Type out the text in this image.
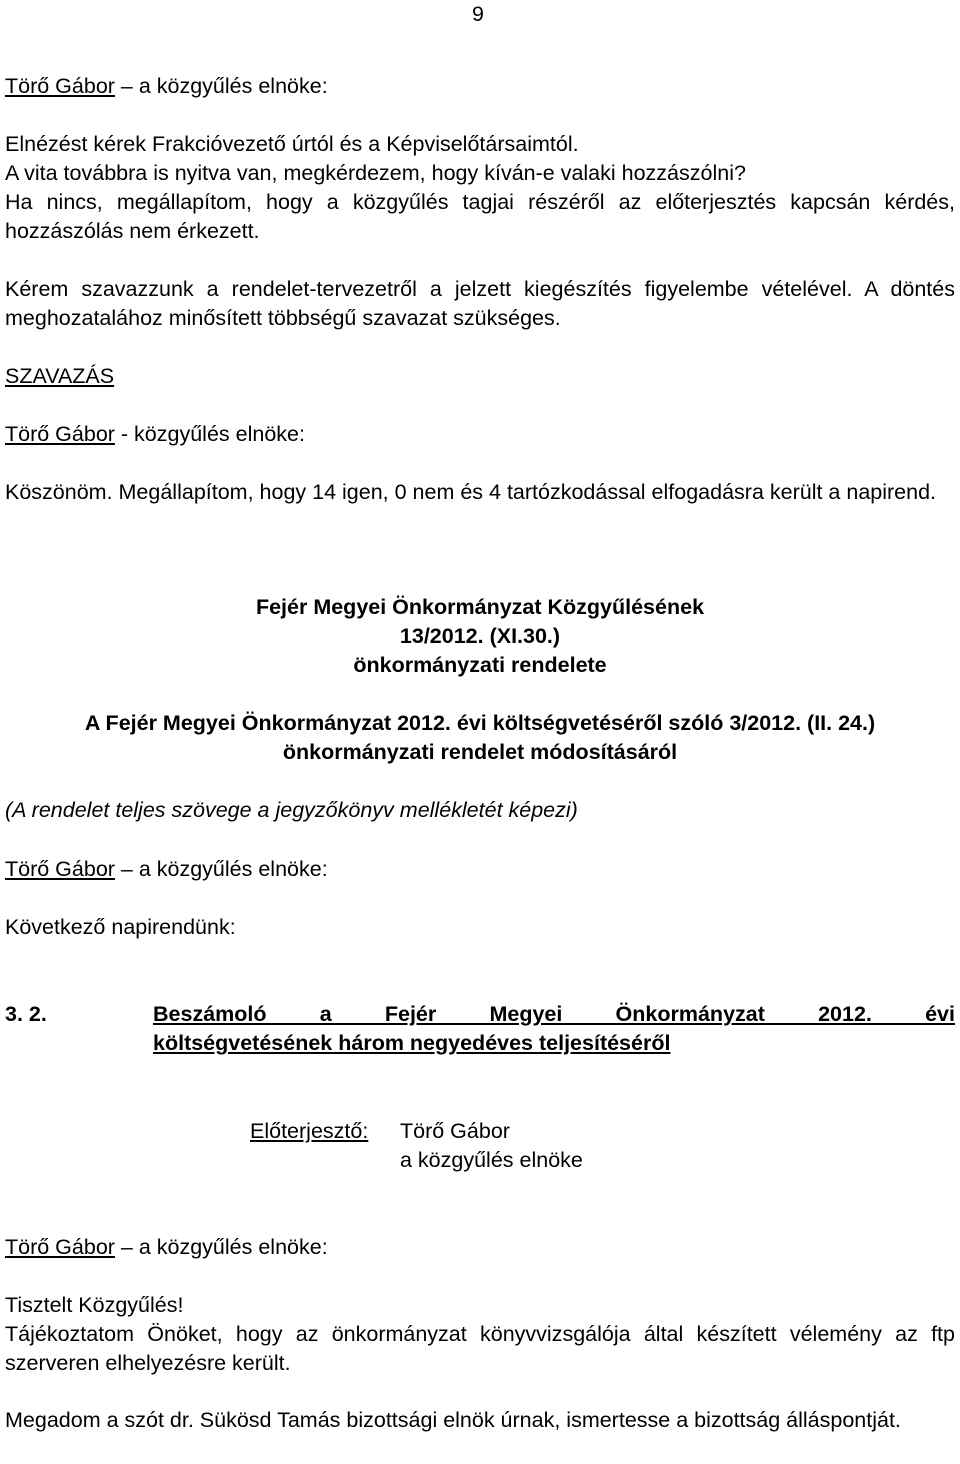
9
Törő Gábor – a közgyűlés elnöke:

Elnézést kérek Frakcióvezető úrtól és a Képviselőtársaimtól.

A vita továbbra is nyitva van, megkérdezem, hogy kíván-e valaki hozzászólni?

Ha nincs, megállapítom, hogy a közgyűlés tagjai részéről az előterjesztés kapcsán kérdés, hozzászólás nem érkezett.

Kérem szavazzunk a rendelet-tervezetről a jelzett kiegészítés figyelembe vételével. A döntés meghozatalához minősített többségű szavazat szükséges.
SZAVAZÁS
Törő Gábor - közgyűlés elnöke:
Köszönöm. Megállapítom, hogy 14 igen, 0 nem és 4 tartózkodással elfogadásra került a napirend.
Fejér Megyei Önkormányzat Közgyűlésének
13/2012. (XI.30.)
önkormányzati rendelete
A Fejér Megyei Önkormányzat 2012. évi költségvetéséről szóló 3/2012. (II. 24.)
önkormányzati rendelet módosításáról
(A rendelet teljes szövege a jegyzőkönyv mellékletét képezi)
Törő Gábor – a közgyűlés elnöke:
Következő napirendünk:
3. 2.	Beszámoló a Fejér Megyei Önkormányzat 2012. évi
költségvetésének három negyedéves teljesítéséről
Előterjesztő: Törő Gábor
a közgyűlés elnöke
Törő Gábor – a közgyűlés elnöke:

Tisztelt Közgyűlés!

Tájékoztatom Önöket, hogy az önkormányzat könyvvizsgálója által készített vélemény az ftp szerveren elhelyezésre került.

Megadom a szót dr. Sükösd Tamás bizottsági elnök úrnak, ismertesse a bizottság álláspontját.
